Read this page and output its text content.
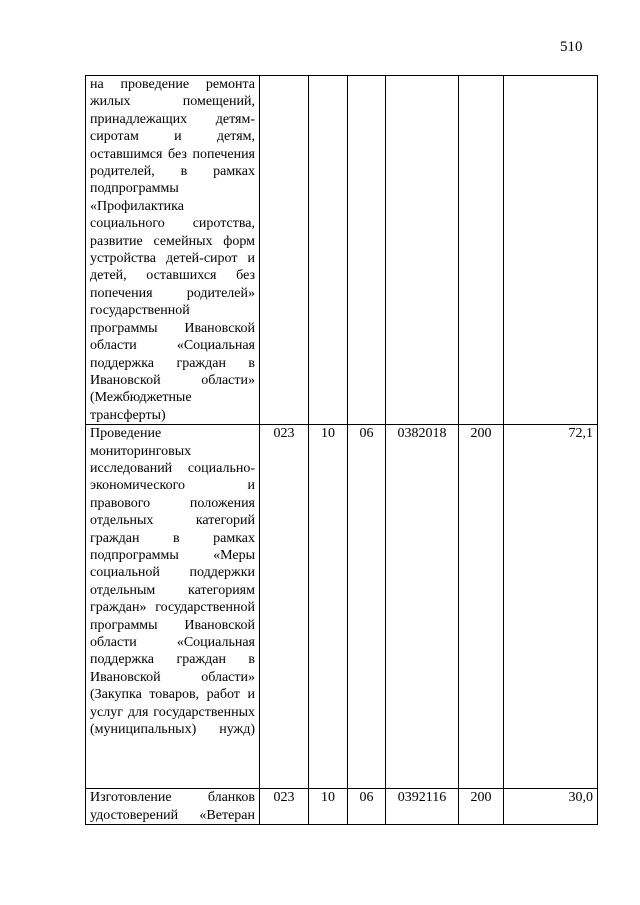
510
на проведение ремонта жилых помещений, принадлежащих детям-сиротам и детям, оставшимся без попечения родителей, в рамках подпрограммы «Профилактика социального сиротства, развитие семейных форм устройства детей-сирот и детей, оставшихся без попечения родителей» государственной программы Ивановской области «Социальная поддержка граждан в Ивановской области» (Межбюджетные трансферты)						

Проведение мониторинговых исследований социально-экономического и правового положения отдельных категорий граждан в рамках подпрограммы «Меры социальной поддержки отдельным категориям граждан» государственной программы Ивановской области «Социальная поддержка граждан в Ивановской области» (Закупка товаров, работ и услуг для государственных (муниципальных) нужд)	023	10	06	0382018	200	72,1

Изготовление бланков удостоверений «Ветеран	023	10	06	0392116	200	30,0
